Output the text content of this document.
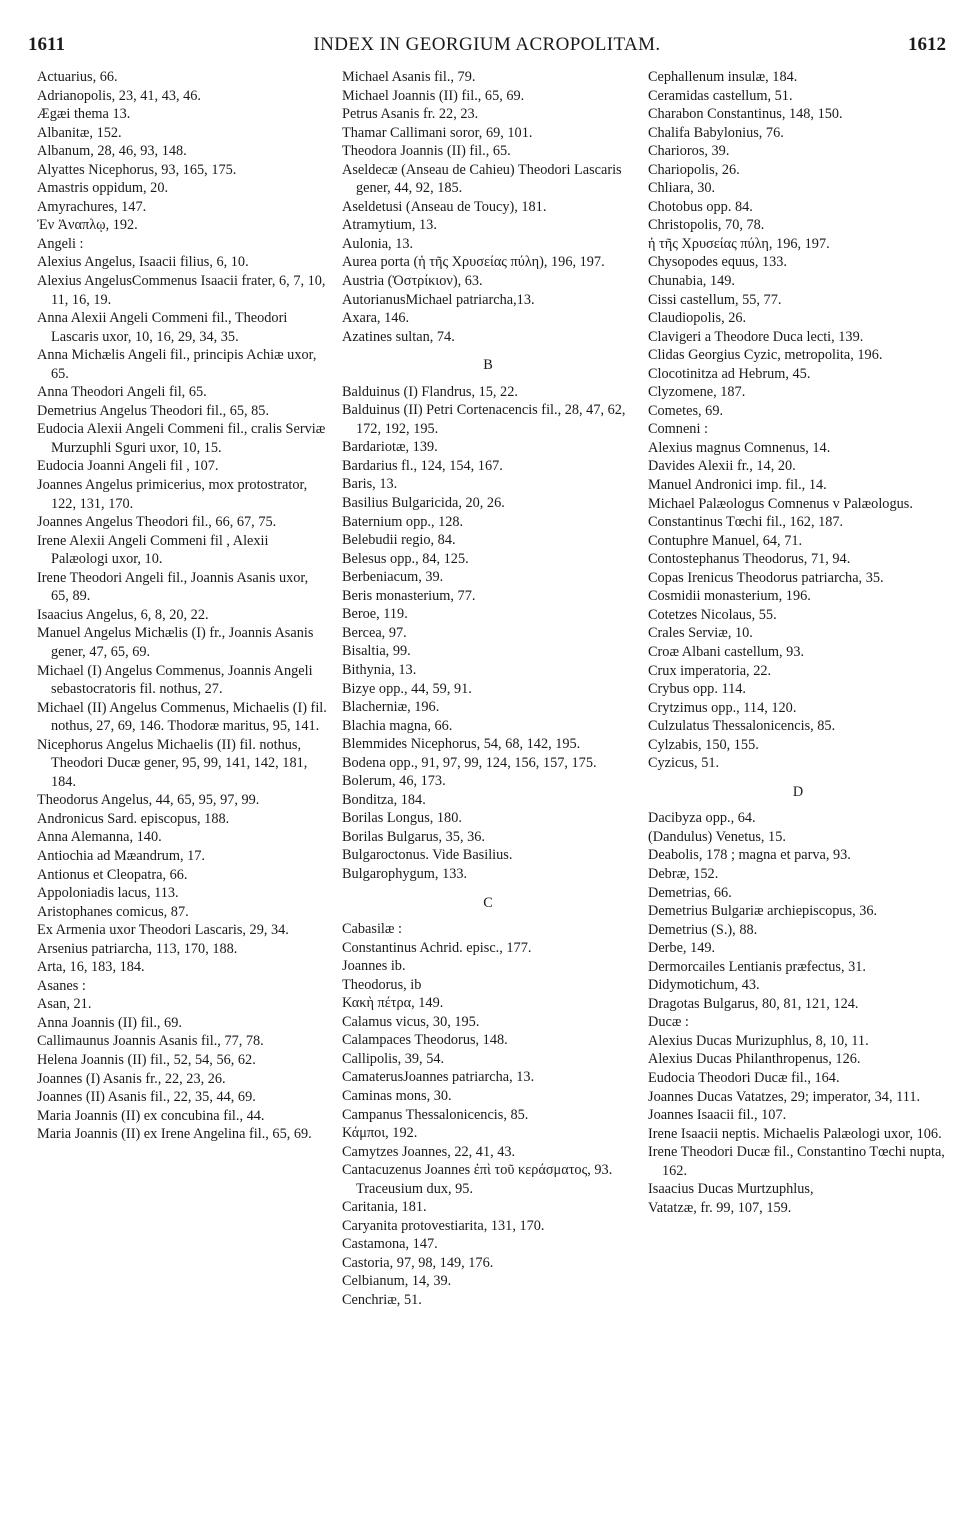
1611	INDEX IN GEORGIUM ACROPOLITAM.	1612
Actuarius, 66.
Adrianopolis, 23, 41, 43, 46.
Ægæi thema 13.
Albanitæ, 152.
Albanum, 28, 46, 93, 148.
Alyattes Nicephorus, 93, 165, 175.
Amastris oppidum, 20.
Amyrachures, 147.
Ἐν Ἀναπλῳ, 192.
Angeli :
Alexius Angelus, Isaacii filius, 6, 10.
Alexius AngelusCommenus Isaacii frater, 6, 7, 10, 11, 16, 19.
Anna Alexii Angeli Commeni fil., Theodori Lascaris uxor, 10, 16, 29, 34, 35.
Anna Michælis Angeli fil., principis Achiæ uxor, 65.
Anna Theodori Angeli fil, 65.
Demetrius Angelus Theodori fil., 65, 85.
Eudocia Alexii Angeli Commeni fil., cralis Serviæ Murzuphli Sguri uxor, 10, 15.
Eudocia Joanni Angeli fil , 107.
Joannes Angelus primicerius, mox protostrator, 122, 131, 170.
Joannes Angelus Theodori fil., 66, 67, 75.
Irene Alexii Angeli Commeni fil , Alexii Palæologi uxor, 10.
Irene Theodori Angeli fil., Joannis Asanis uxor, 65, 89.
Isaacius Angelus, 6, 8, 20, 22.
Manuel Angelus Michælis (I) fr., Joannis Asanis gener, 47, 65, 69.
Michael (I) Angelus Commenus, Joannis Angeli sebastocratoris fil. nothus, 27.
Michael (II) Angelus Commenus, Michaelis (I) fil. nothus, 27, 69, 146. Thodoræ maritus, 95, 141.
Nicephorus Angelus Michaelis (II) fil. nothus, Theodori Ducæ gener, 95, 99, 141, 142, 181, 184.
Theodorus Angelus, 44, 65, 95, 97, 99.
Andronicus Sard. episcopus, 188.
Anna Alemanna, 140.
Antiochia ad Mæandrum, 17.
Antionus et Cleopatra, 66.
Appoloniadis lacus, 113.
Aristophanes comicus, 87.
Ex Armenia uxor Theodori Lascaris, 29, 34.
Arsenius patriarcha, 113, 170, 188.
Arta, 16, 183, 184.
Asanes :
Asan, 21.
Anna Joannis (II) fil., 69.
Callimaunus Joannis Asanis fil., 77, 78.
Helena Joannis (II) fil., 52, 54, 56, 62.
Joannes (I) Asanis fr., 22, 23, 26.
Joannes (II) Asanis fil., 22, 35, 44, 69.
Maria Joannis (II) ex concubina fil., 44.
Maria Joannis (II) ex Irene Angelina fil., 65, 69.
Michael Asanis fil., 79.
Michael Joannis (II) fil., 65, 69.
Petrus Asanis fr. 22, 23.
Thamar Callimani soror, 69, 101.
Theodora Joannis (II) fil., 65.
Aseldecæ (Anseau de Cahieu) Theodori Lascaris gener, 44, 92, 185.
Aseldetusi (Anseau de Toucy), 181.
Atramytium, 13.
Aulonia, 13.
Aurea porta (ἡ τῆς Χρυσείας πύλη), 196, 197.
Austria (Ὀστρίκιον), 63.
AutorianusMichael patriarcha,13.
Axara, 146.
Azatines sultan, 74.
B
Balduinus (I) Flandrus, 15, 22.
Balduinus (II) Petri Cortenacencis fil., 28, 47, 62, 172, 192, 195.
Bardariotæ, 139.
Bardarius fl., 124, 154, 167.
Baris, 13.
Basilius Bulgaricida, 20, 26.
Baternium opp., 128.
Belebudii regio, 84.
Belesus opp., 84, 125.
Berbeniacum, 39.
Beris monasterium, 77.
Beroe, 119.
Bercea, 97.
Bisaltia, 99.
Bithynia, 13.
Bizye opp., 44, 59, 91.
Blacherniæ, 196.
Blachia magna, 66.
Blemmides Nicephorus, 54, 68, 142, 195.
Bodena opp., 91, 97, 99, 124, 156, 157, 175.
Bolerum, 46, 173.
Bonditza, 184.
Borilas Longus, 180.
Borilas Bulgarus, 35, 36.
Bulgaroctonus. Vide Basilius.
Bulgarophygum, 133.
C
Cabasilæ :
Constantinus Achrid. episc., 177.
Joannes ib.
Theodorus, ib
Κακὴ πέτρα, 149.
Calamus vicus, 30, 195.
Calampaces Theodorus, 148.
Callipolis, 39, 54.
CamaterusJoannes patriarcha, 13.
Caminas mons, 30.
Campanus Thessalonicencis, 85.
Κάμποι, 192.
Camytzes Joannes, 22, 41, 43.
Cantacuzenus Joannes ἐπὶ τοῦ κεράσματος, 93. Traceusium dux, 95.
Caritania, 181.
Caryanita protovestiarita, 131, 170.
Castamona, 147.
Castoria, 97, 98, 149, 176.
Celbianum, 14, 39.
Cenchriæ, 51.
Cephallenum insulæ, 184.
Ceramidas castellum, 51.
Charabon Constantinus, 148, 150.
Chalifa Babylonius, 76.
Charioros, 39.
Chariopolis, 26.
Chliara, 30.
Chotobus opp. 84.
Christopolis, 70, 78.
ἡ τῆς Χρυσείας πύλη, 196, 197.
Chysopodes equus, 133.
Chunabia, 149.
Cissi castellum, 55, 77.
Claudiopolis, 26.
Clavigeri a Theodore Duca lecti, 139.
Clidas Georgius Cyzic, metropolita, 196.
Clocotinitza ad Hebrum, 45.
Clyzomene, 187.
Cometes, 69.
Comneni :
Alexius magnus Comnenus, 14.
Davides Alexii fr., 14, 20.
Manuel Andronici imp. fil., 14.
Michael Palæologus Comnenus v Palæologus.
Constantinus Tœchi fil., 162, 187.
Contuphre Manuel, 64, 71.
Contostephanus Theodorus, 71, 94.
Copas Irenicus Theodorus patriarcha, 35.
Cosmidii monasterium, 196.
Cotetzes Nicolaus, 55.
Crales Serviæ, 10.
Croæ Albani castellum, 93.
Crux imperatoria, 22.
Crybus opp. 114.
Crytzimus opp., 114, 120.
Culzulatus Thessalonicencis, 85.
Cylzabis, 150, 155.
Cyzicus, 51.
D
Dacibyza opp., 64.
(Dandulus) Venetus, 15.
Deabolis, 178 ; magna et parva, 93.
Debræ, 152.
Demetrias, 66.
Demetrius Bulgariæ archiepiscopus, 36.
Demetrius (S.), 88.
Derbe, 149.
Dermorcailes Lentianis præfectus, 31.
Didymotichum, 43.
Dragotas Bulgarus, 80, 81, 121, 124.
Ducæ :
Alexius Ducas Murizuphlus, 8, 10, 11.
Alexius Ducas Philanthropenus, 126.
Eudocia Theodori Ducæ fil., 164.
Joannes Ducas Vatatzes, 29; imperator, 34, 111.
Joannes Isaacii fil., 107.
Irene Isaacii neptis. Michaelis Palæologi uxor, 106.
Irene Theodori Ducæ fil., Constantino Tœchi nupta, 162.
Isaacius Ducas Murtzuphlus,
Vatatzæ, fr. 99, 107, 159.
